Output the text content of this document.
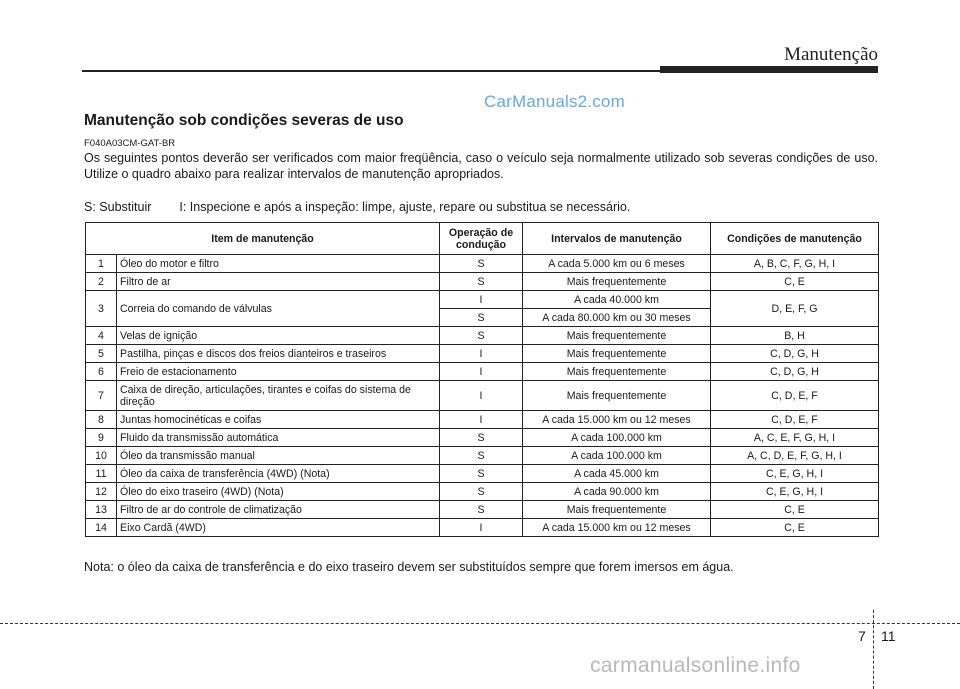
Manutenção
CarManuals2.com
Manutenção sob condições severas de uso
F040A03CM-GAT-BR
Os seguintes pontos deverão ser verificados com maior freqüência, caso o veículo seja normalmente utilizado sob severas condições de uso. Utilize o quadro abaixo para realizar intervalos de manutenção apropriados.
S: Substituir I: Inspecione e após a inspeção: limpe, ajuste, repare ou substitua se necessário.
Item de manutenção		Operação de condução	Intervalos de manutenção	Condições de manutenção
1	Óleo do motor e filtro	S	A cada 5.000 km ou 6 meses	A, B, C, F, G, H, I
2	Filtro de ar	S	Mais frequentemente	C, E
3	Correia do comando de válvulas	I	A cada 40.000 km	D, E, F, G
		S	A cada 80.000 km ou 30 meses	
4	Velas de ignição	S	Mais frequentemente	B, H
5	Pastilha, pinças e discos dos freios dianteiros e traseiros	I	Mais frequentemente	C, D, G, H
6	Freio de estacionamento	I	Mais frequentemente	C, D, G, H
7	Caixa de direção, articulações, tirantes e coifas do sistema de direção	I	Mais frequentemente	C, D, E, F
8	Juntas homocinéticas e coifas	I	A cada 15.000 km ou 12 meses	C, D, E, F
9	Fluido da transmissão automática	S	A cada 100.000 km	A, C, E, F, G, H, I
10	Óleo da transmissão manual	S	A cada 100.000 km	A, C, D, E, F, G, H, I
11	Óleo da caixa de transferência (4WD) (Nota)	S	A cada 45.000 km	C, E, G, H, I
12	Óleo do eixo traseiro (4WD) (Nota)	S	A cada 90.000 km	C, E, G, H, I
13	Filtro de ar do controle de climatização	S	Mais frequentemente	C, E
14	Eixo Cardã (4WD)	I	A cada 15.000 km ou 12 meses	C, E
Nota: o óleo da caixa de transferência e do eixo traseiro devem ser substituídos sempre que forem imersos em água.
7 11
carmanualsonline.info
